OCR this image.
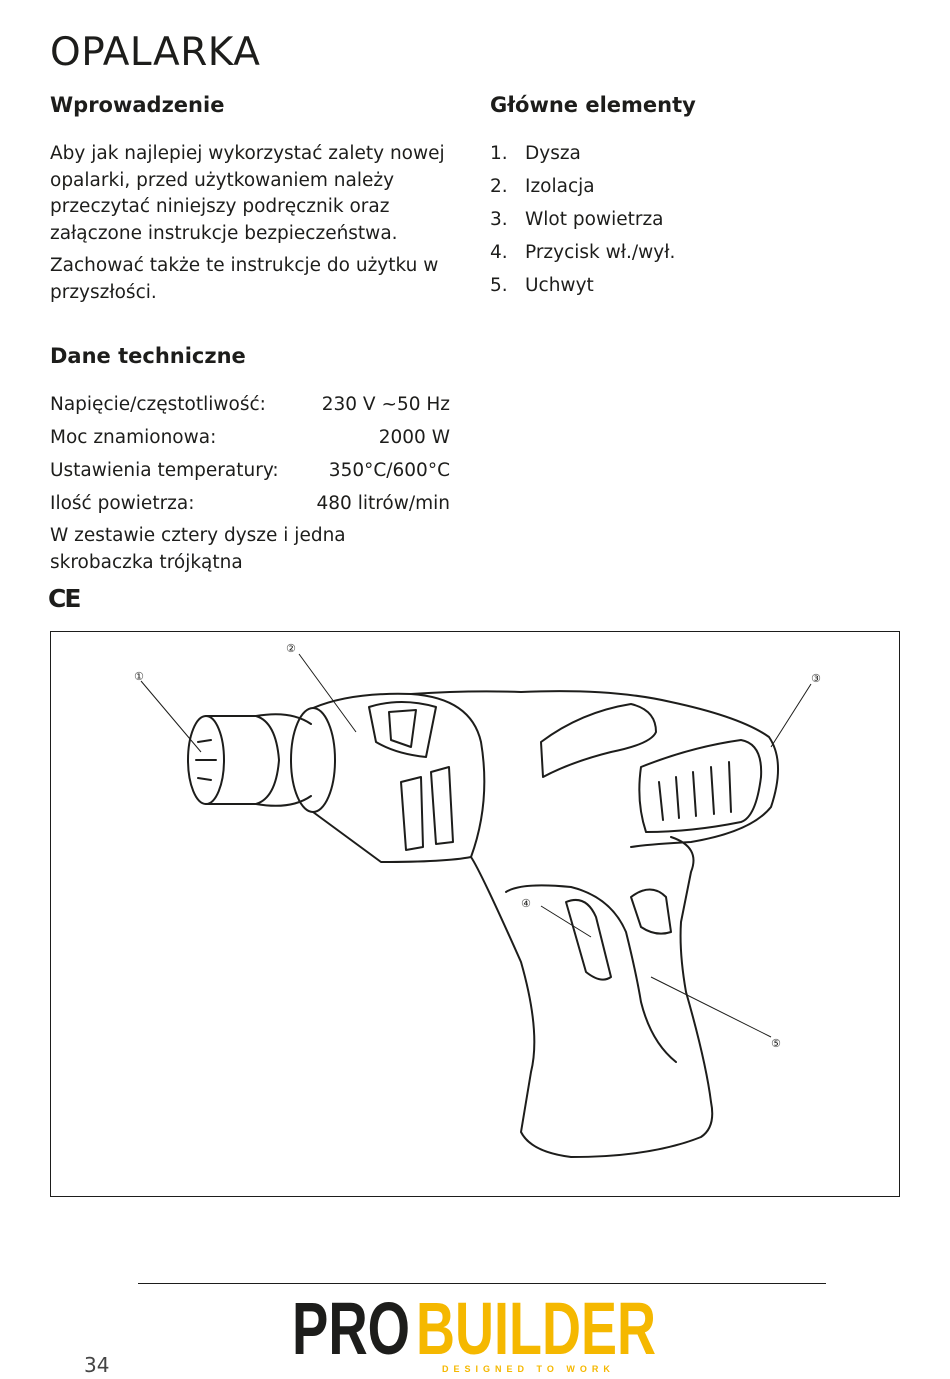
OPALARKA
Wprowadzenie

Aby jak najlepiej wykorzystać zalety nowej opalarki, przed użytkowaniem należy przeczytać niniejszy podręcznik oraz załączone instrukcje bezpieczeństwa.

Zachować także te instrukcje do użytku w przyszłości.

Główne elementy
1. Dysza
2. Izolacja
3. Wlot powietrza
4. Przycisk wł./wył.
5. Uchwyt
Dane techniczne
Napięcie/częstotliwość:	230 V ~50 Hz
Moc znamionowa:	2000 W
Ustawienia temperatury:	350°C/600°C
Ilość powietrza:	480 litrów/min
W zestawie cztery dysze i jedna skrobaczka trójkątna
CE
①
②
③
④
⑤
34 PRO BUILDER
DESIGNED TO WORK
